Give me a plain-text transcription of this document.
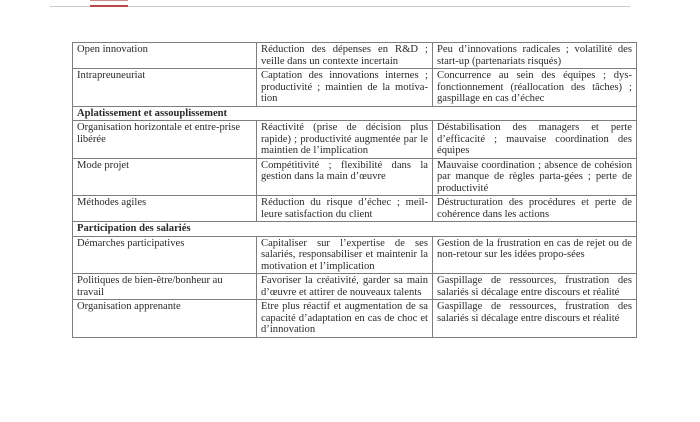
Open innovation	Réduction des dépenses en R&D ; veille dans un contexte incertain	Peu d’innovations radicales ; volatilité des start-up (partenariats risqués)
Intrapreuneuriat	Captation des innovations internes ; productivité ; maintien de la motiva-tion	Concurrence au sein des équipes ; dys-fonctionnement (réallocation des tâches) ; gaspillage en cas d’échec
Aplatissement et assouplissement		
Organisation horizontale et entre-prise libérée	Réactivité (prise de décision plus rapide) ; productivité augmentée par le maintien de l’implication	Déstabilisation des managers et perte d’efficacité ; mauvaise coordination des équipes
Mode projet	Compétitivité ; flexibilité dans la gestion dans la main d’œuvre	Mauvaise coordination ; absence de cohésion par manque de règles parta-gées ; perte de productivité
Méthodes agiles	Réduction du risque d’échec ; meil-leure satisfaction du client	Déstructuration des procédures et perte de cohérence dans les actions
Participation des salariés		
Démarches participatives	Capitaliser sur l’expertise de ses salariés, responsabiliser et maintenir la motivation et l’implication	Gestion de la frustration en cas de rejet ou de non-retour sur les idées propo-sées
Politiques de bien-être/bonheur au travail	Favoriser la créativité, garder sa main d’œuvre et attirer de nouveaux talents	Gaspillage de ressources, frustration des salariés si décalage entre discours et réalité
Organisation apprenante	Etre plus réactif et augmentation de sa capacité d’adaptation en cas de choc et d’innovation	Gaspillage de ressources, frustration des salariés si décalage entre discours et réalité
